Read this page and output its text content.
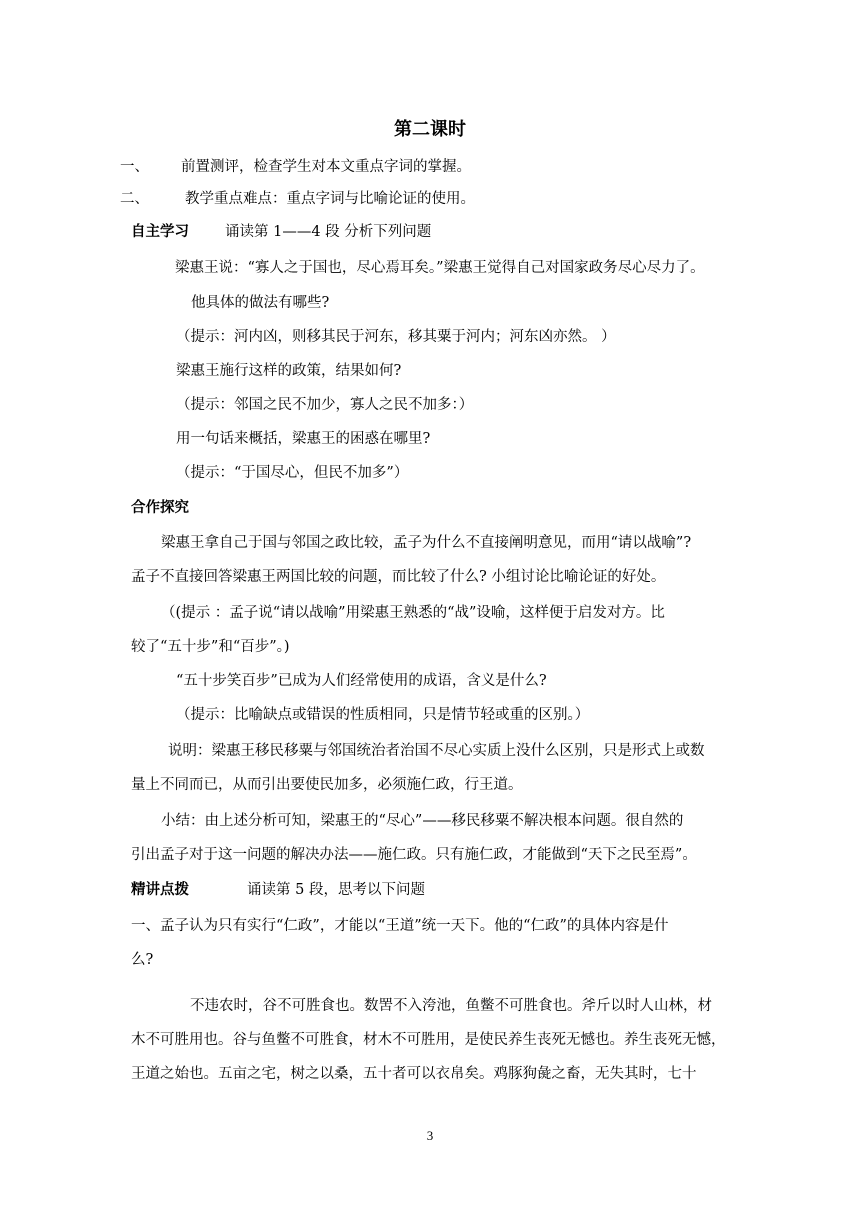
第二课时
一、 前置测评，检查学生对本文重点字词的掌握。
二、 教学重点难点：重点字词与比喻论证的使用。
自主学习 诵读第 1——4 段 分析下列问题
梁惠王说：“寡人之于国也，尽心焉耳矣。”梁惠王觉得自己对国家政务尽心尽力了。
他具体的做法有哪些?
（提示：河内凶，则移其民于河东，移其粟于河内；河东凶亦然。 ）
梁惠王施行这样的政策，结果如何?
（提示：邻国之民不加少，寡人之民不加多：）
用一句话来概括，梁惠王的困惑在哪里?
（提示：“于国尽心，但民不加多”）
合作探究
梁惠王拿自己于国与邻国之政比较，孟子为什么不直接阐明意见，而用“请以战喻”?
孟子不直接回答梁惠王两国比较的问题，而比较了什么? 小组讨论比喻论证的好处。
（(提示 ：孟子说“请以战喻”用梁惠王熟悉的“战”设喻，这样便于启发对方。比
较了“五十步”和“百步”。)
“五十步笑百步”已成为人们经常使用的成语，含义是什么?
（提示：比喻缺点或错误的性质相同，只是情节轻或重的区别。）
说明：梁惠王移民移粟与邻国统治者治国不尽心实质上没什么区别，只是形式上或数
量上不同而已，从而引出要使民加多，必须施仁政，行王道。
小结：由上述分析可知，梁惠王的“尽心”——移民移粟不解决根本问题。很自然的
引出孟子对于这一问题的解决办法——施仁政。只有施仁政，才能做到“天下之民至焉”。
精讲点拨	诵读第 5 段，思考以下问题
一、孟子认为只有实行“仁政”，才能以“王道”统一天下。他的“仁政”的具体内容是什
么?
不违农时，谷不可胜食也。数罟不入洿池，鱼鳖不可胜食也。斧斤以时人山林，材
木不可胜用也。谷与鱼鳖不可胜食，材木不可胜用，是使民养生丧死无憾也。养生丧死无憾，
王道之始也。五亩之宅，树之以桑，五十者可以衣帛矣。鸡豚狗彘之畜，无失其时，七十
3
